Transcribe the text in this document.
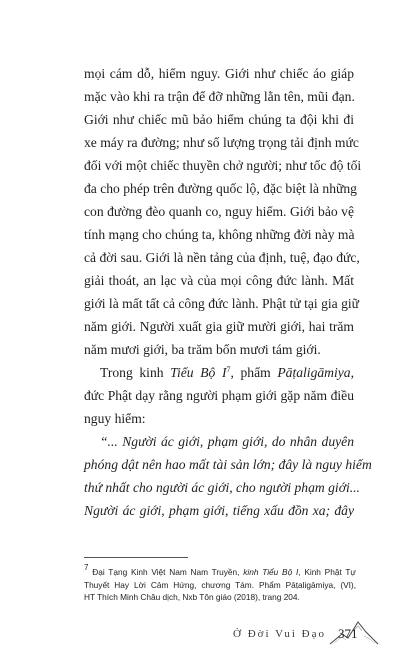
mọi cám dỗ, hiểm nguy. Giới như chiếc áo giáp
mặc vào khi ra trận để đỡ những lằn tên, mũi đạn.
Giới như chiếc mũ bảo hiểm chúng ta đội khi đi
xe máy ra đường; như số lượng trọng tải định mức
đối với một chiếc thuyền chở người; như tốc độ tối
đa cho phép trên đường quốc lộ, đặc biệt là những
con đường đèo quanh co, nguy hiểm. Giới bảo vệ
tính mạng cho chúng ta, không những đời này mà
cả đời sau. Giới là nền tảng của định, tuệ, đạo đức,
giải thoát, an lạc và của mọi công đức lành. Mất
giới là mất tất cả công đức lành. Phật tử tại gia giữ
năm giới. Người xuất gia giữ mười giới, hai trăm
năm mươi giới, ba trăm bốn mươi tám giới.
Trong kinh Tiểu Bộ $I^7$, phẩm Pāṭaligāmiya,
đức Phật dạy rằng người phạm giới gặp năm điều
nguy hiểm:
“... Người ác giới, phạm giới, do nhân duyên
phóng dật nên hao mất tài sản lớn; đây là nguy hiểm
thứ nhất cho người ác giới, cho người phạm giới...
Người ác giới, phạm giới, tiếng xấu đồn xa; đây
$^7$ Đại Tạng Kinh Việt Nam Nam Truyền, kinh Tiểu Bộ I, Kinh Phật Tự
Thuyết Hay Lời Cảm Hứng, chương Tám. Phẩm Pāṭaligāmiya, (VI),
HT Thích Minh Châu dịch, Nxb Tôn giáo (2018), trang 204.
Ở Đời Vui Đạo 371
